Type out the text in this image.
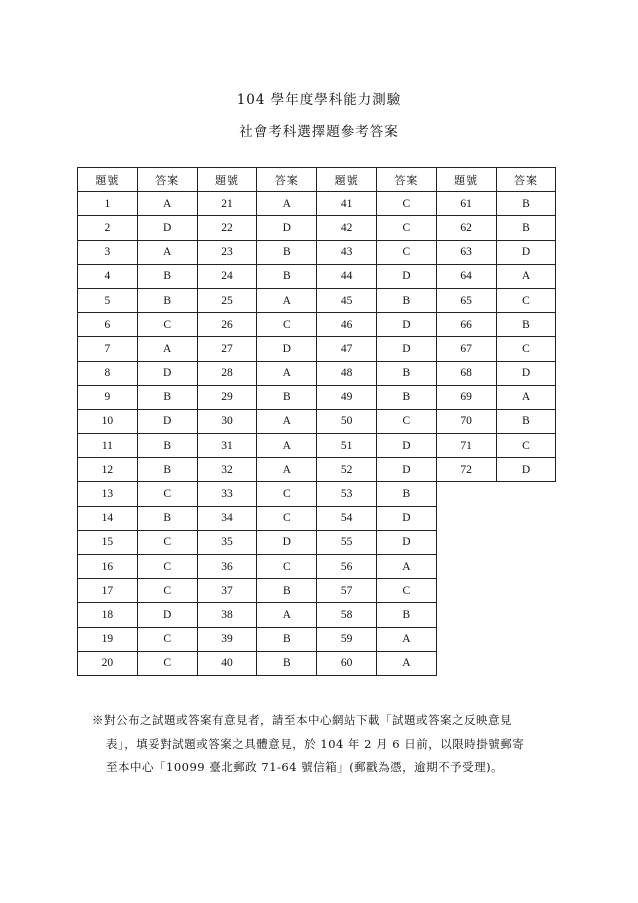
104 學年度學科能力測驗
社會考科選擇題參考答案
題號	答案	題號	答案	題號	答案	題號	答案
1	A	21	A	41	C	61	B
2	D	22	D	42	C	62	B
3	A	23	B	43	C	63	D
4	B	24	B	44	D	64	A
5	B	25	A	45	B	65	C
6	C	26	C	46	D	66	B
7	A	27	D	47	D	67	C
8	D	28	A	48	B	68	D
9	B	29	B	49	B	69	A
10	D	30	A	50	C	70	B
11	B	31	A	51	D	71	C
12	B	32	A	52	D	72	D
13	C	33	C	53	B		
14	B	34	C	54	D		
15	C	35	D	55	D		
16	C	36	C	56	A		
17	C	37	B	57	C		
18	D	38	A	58	B		
19	C	39	B	59	A		
20	C	40	B	60	A		

※對公布之試題或答案有意見者，請至本中心網站下載「試題或答案之反映意見

表」，填妥對試題或答案之具體意見，於 104 年 2 月 6 日前，以限時掛號郵寄

至本中心「10099 臺北郵政 71-64 號信箱」(郵戳為憑，逾期不予受理)。
